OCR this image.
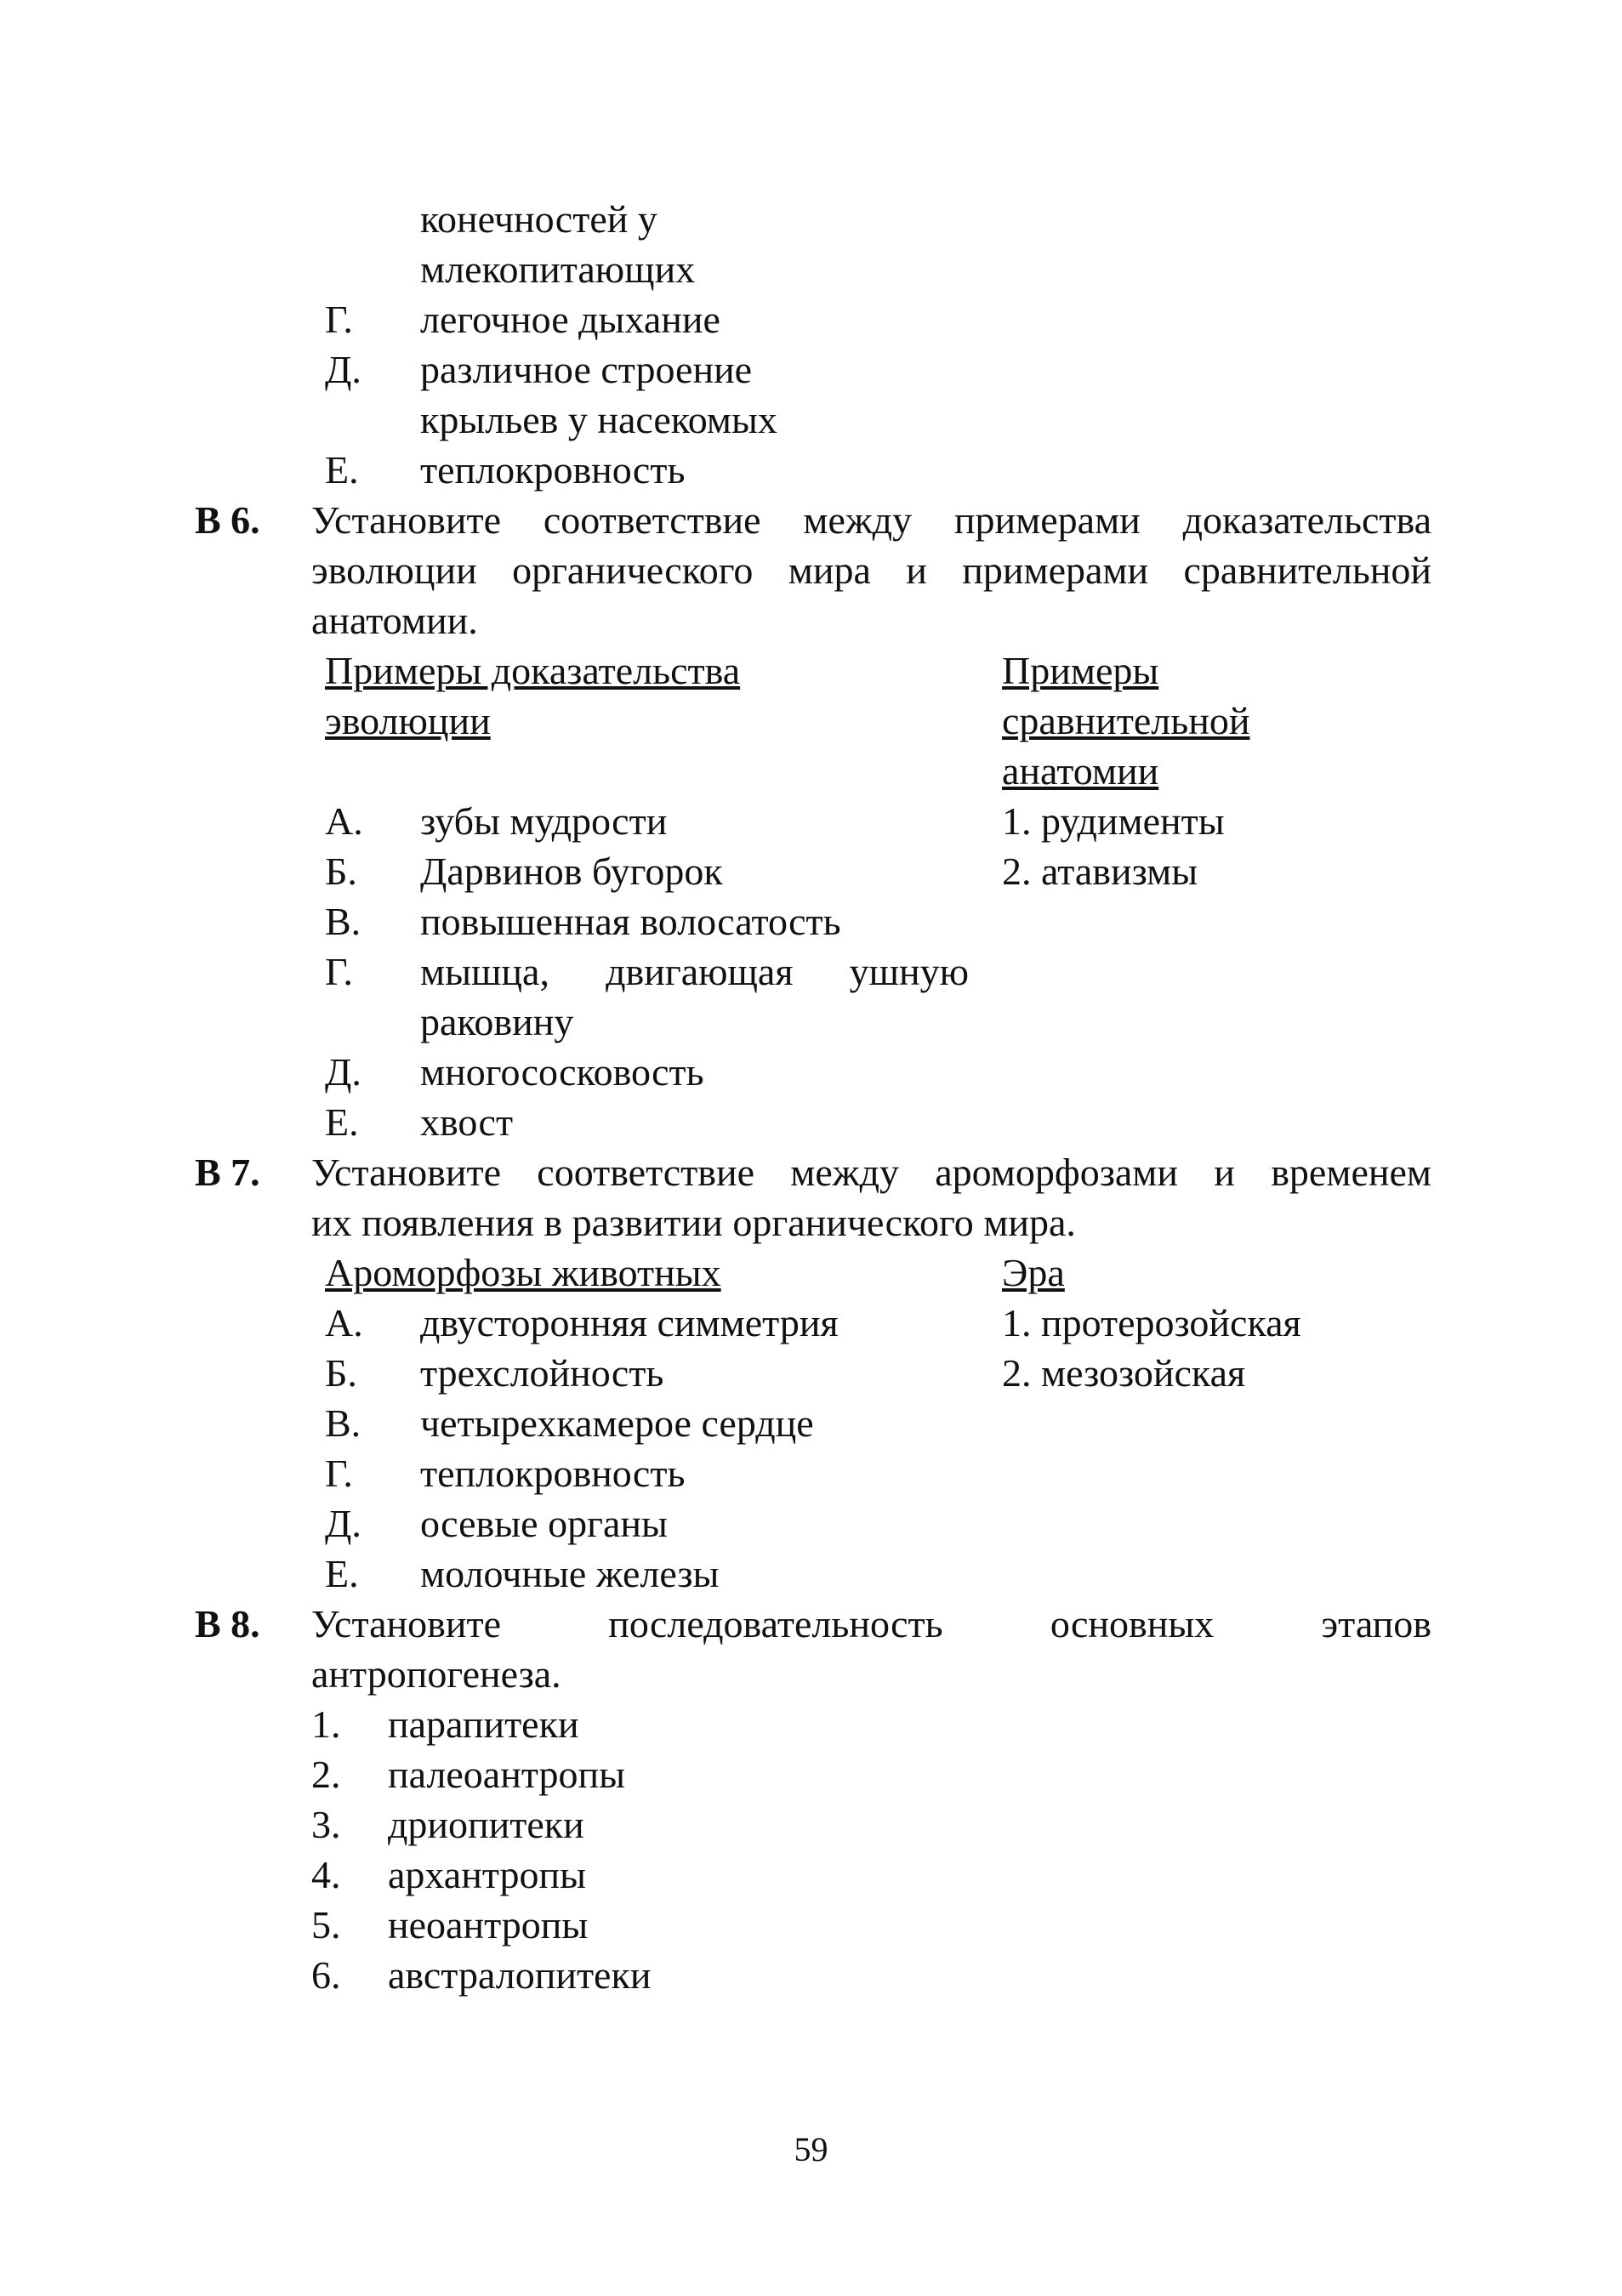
конечностей у
млекопитающих
Г. легочное дыхание
Д. различное строение
крыльев у насекомых
Е. теплокровность
В 6. Установите соответствие между примерами доказательства
эволюции органического мира и примерами сравнительной
анатомии.
Примеры доказательства	Примеры
эволюции	сравнительной
анатомии
А. зубы мудрости	1. рудименты
Б. Дарвинов бугорок	2. атавизмы
В. повышенная волосатость
Г. мышца, двигающая ушную
раковину
Д. многососковость
Е. хвост
В 7. Установите соответствие между ароморфозами и временем
их появления в развитии органического мира.
Ароморфозы животных	Эра
А. двусторонняя симметрия	1. протерозойская
Б. трехслойность	2. мезозойская
В. четырехкамерое сердце
Г. теплокровность
Д. осевые органы
Е. молочные железы
В 8. Установите последовательность основных этапов
антропогенеза.
1. парапитеки
2. палеоантропы
3. дриопитеки
4. архантропы
5. неоантропы
6. австралопитеки
59
